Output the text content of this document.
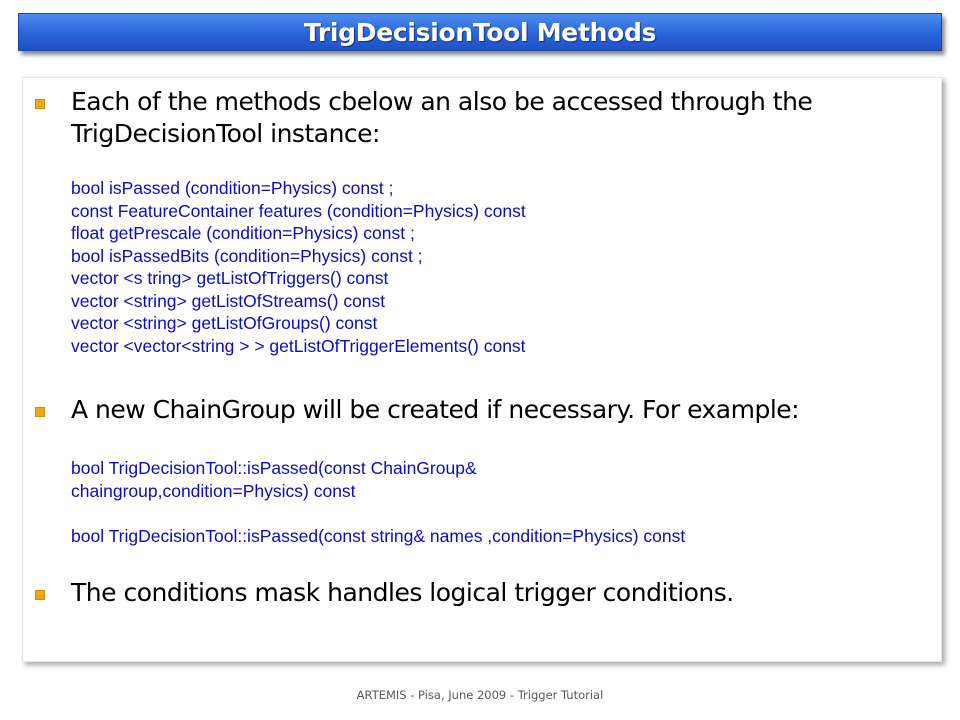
TrigDecisionTool Methods
Each of the methods cbelow an also be accessed through the
TrigDecisionTool instance:
bool isPassed (condition=Physics) const ;
const FeatureContainer features (condition=Physics) const
float getPrescale (condition=Physics) const ;
bool isPassedBits (condition=Physics) const ;
vector <s tring> getListOfTriggers() const
vector <string> getListOfStreams() const
vector <string> getListOfGroups() const
vector <vector<string > > getListOfTriggerElements() const
A new ChainGroup will be created if necessary. For example:
bool TrigDecisionTool::isPassed(const ChainGroup&
chaingroup,condition=Physics) const
bool TrigDecisionTool::isPassed(const string& names ,condition=Physics) const
The conditions mask handles logical trigger conditions.
ARTEMIS - Pisa, June 2009 - Trigger Tutorial
